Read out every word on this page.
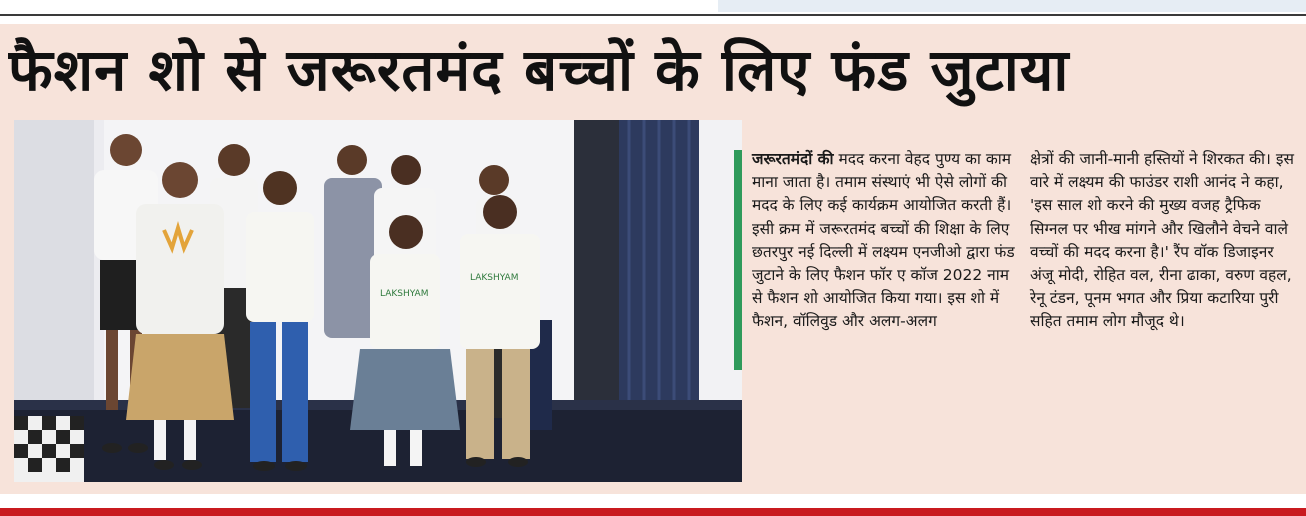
फैशन शो से जरूरतमंद बच्चों के लिए फंड जुटाया
LAKSHYAM
LAKSHYAM

जरूरतमंदों की मदद करना वेहद पुण्य का काम माना जाता है। तमाम संस्थाएं भी ऐसे लोगों की मदद के लिए कई कार्यक्रम आयोजित करती हैं। इसी क्रम में जरूरतमंद बच्चों की शिक्षा के लिए छतरपुर नई दिल्ली में लक्ष्यम एनजीओ द्वारा फंड जुटाने के लिए फैशन फॉर ए कॉज 2022 नाम से फैशन शो आयोजित किया गया। इस शो में फैशन, वॉलिवुड और अलग-अलग

क्षेत्रों की जानी-मानी हस्तियों ने शिरकत की। इस वारे में लक्ष्यम की फाउंडर राशी आनंद ने कहा, 'इस साल शो करने की मुख्य वजह ट्रैफिक सिग्नल पर भीख मांगने और खिलौने वेचने वाले वच्चों की मदद करना है।' रैंप वॉक डिजाइनर अंजू मोदी, रोहित वल, रीना ढाका, वरुण वहल, रेनू टंडन, पूनम भगत और प्रिया कटारिया पुरी सहित तमाम लोग मौजूद थे।
